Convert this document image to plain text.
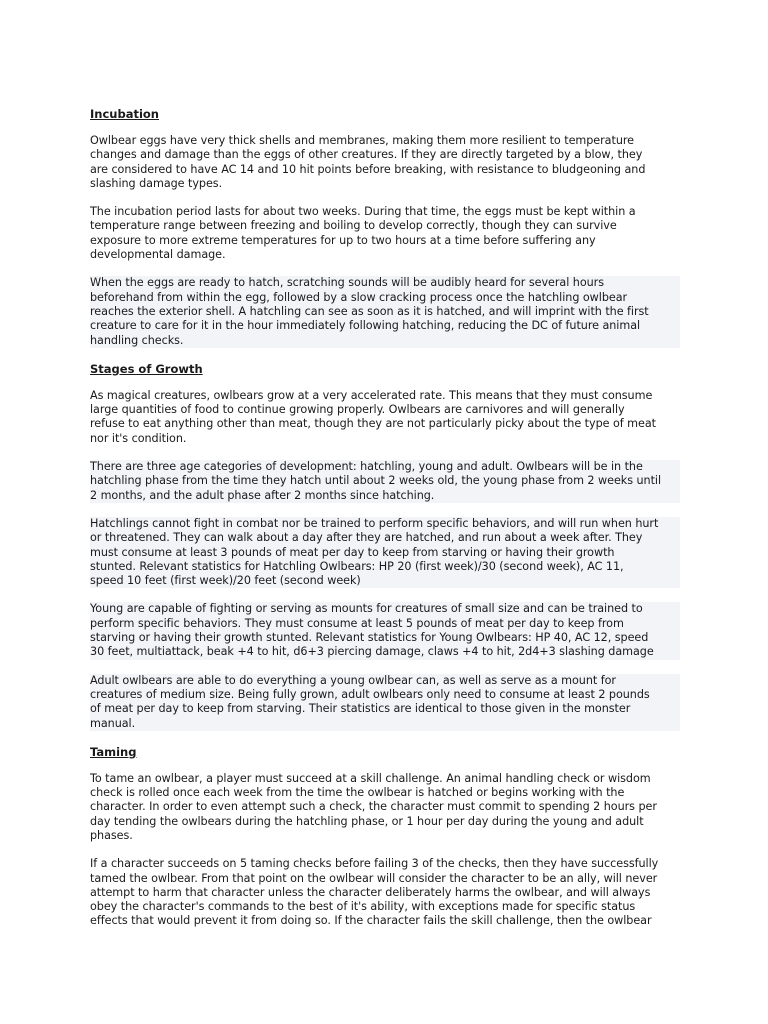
Incubation
Owlbear eggs have very thick shells and membranes, making them more resilient to temperature
changes and damage than the eggs of other creatures. If they are directly targeted by a blow, they
are considered to have AC 14 and 10 hit points before breaking, with resistance to bludgeoning and
slashing damage types.
The incubation period lasts for about two weeks. During that time, the eggs must be kept within a
temperature range between freezing and boiling to develop correctly, though they can survive
exposure to more extreme temperatures for up to two hours at a time before suffering any
developmental damage.
When the eggs are ready to hatch, scratching sounds will be audibly heard for several hours
beforehand from within the egg, followed by a slow cracking process once the hatchling owlbear
reaches the exterior shell. A hatchling can see as soon as it is hatched, and will imprint with the first
creature to care for it in the hour immediately following hatching, reducing the DC of future animal
handling checks.
Stages of Growth
As magical creatures, owlbears grow at a very accelerated rate. This means that they must consume
large quantities of food to continue growing properly. Owlbears are carnivores and will generally
refuse to eat anything other than meat, though they are not particularly picky about the type of meat
nor it's condition.
There are three age categories of development: hatchling, young and adult. Owlbears will be in the
hatchling phase from the time they hatch until about 2 weeks old, the young phase from 2 weeks until
2 months, and the adult phase after 2 months since hatching.
Hatchlings cannot fight in combat nor be trained to perform specific behaviors, and will run when hurt
or threatened. They can walk about a day after they are hatched, and run about a week after. They
must consume at least 3 pounds of meat per day to keep from starving or having their growth
stunted. Relevant statistics for Hatchling Owlbears: HP 20 (first week)/30 (second week), AC 11,
speed 10 feet (first week)/20 feet (second week)
Young are capable of fighting or serving as mounts for creatures of small size and can be trained to
perform specific behaviors. They must consume at least 5 pounds of meat per day to keep from
starving or having their growth stunted. Relevant statistics for Young Owlbears: HP 40, AC 12, speed
30 feet, multiattack, beak +4 to hit, d6+3 piercing damage, claws +4 to hit, 2d4+3 slashing damage
Adult owlbears are able to do everything a young owlbear can, as well as serve as a mount for
creatures of medium size. Being fully grown, adult owlbears only need to consume at least 2 pounds
of meat per day to keep from starving. Their statistics are identical to those given in the monster
manual.
Taming
To tame an owlbear, a player must succeed at a skill challenge. An animal handling check or wisdom
check is rolled once each week from the time the owlbear is hatched or begins working with the
character. In order to even attempt such a check, the character must commit to spending 2 hours per
day tending the owlbears during the hatchling phase, or 1 hour per day during the young and adult
phases.
If a character succeeds on 5 taming checks before failing 3 of the checks, then they have successfully
tamed the owlbear. From that point on the owlbear will consider the character to be an ally, will never
attempt to harm that character unless the character deliberately harms the owlbear, and will always
obey the character's commands to the best of it's ability, with exceptions made for specific status
effects that would prevent it from doing so. If the character fails the skill challenge, then the owlbear
